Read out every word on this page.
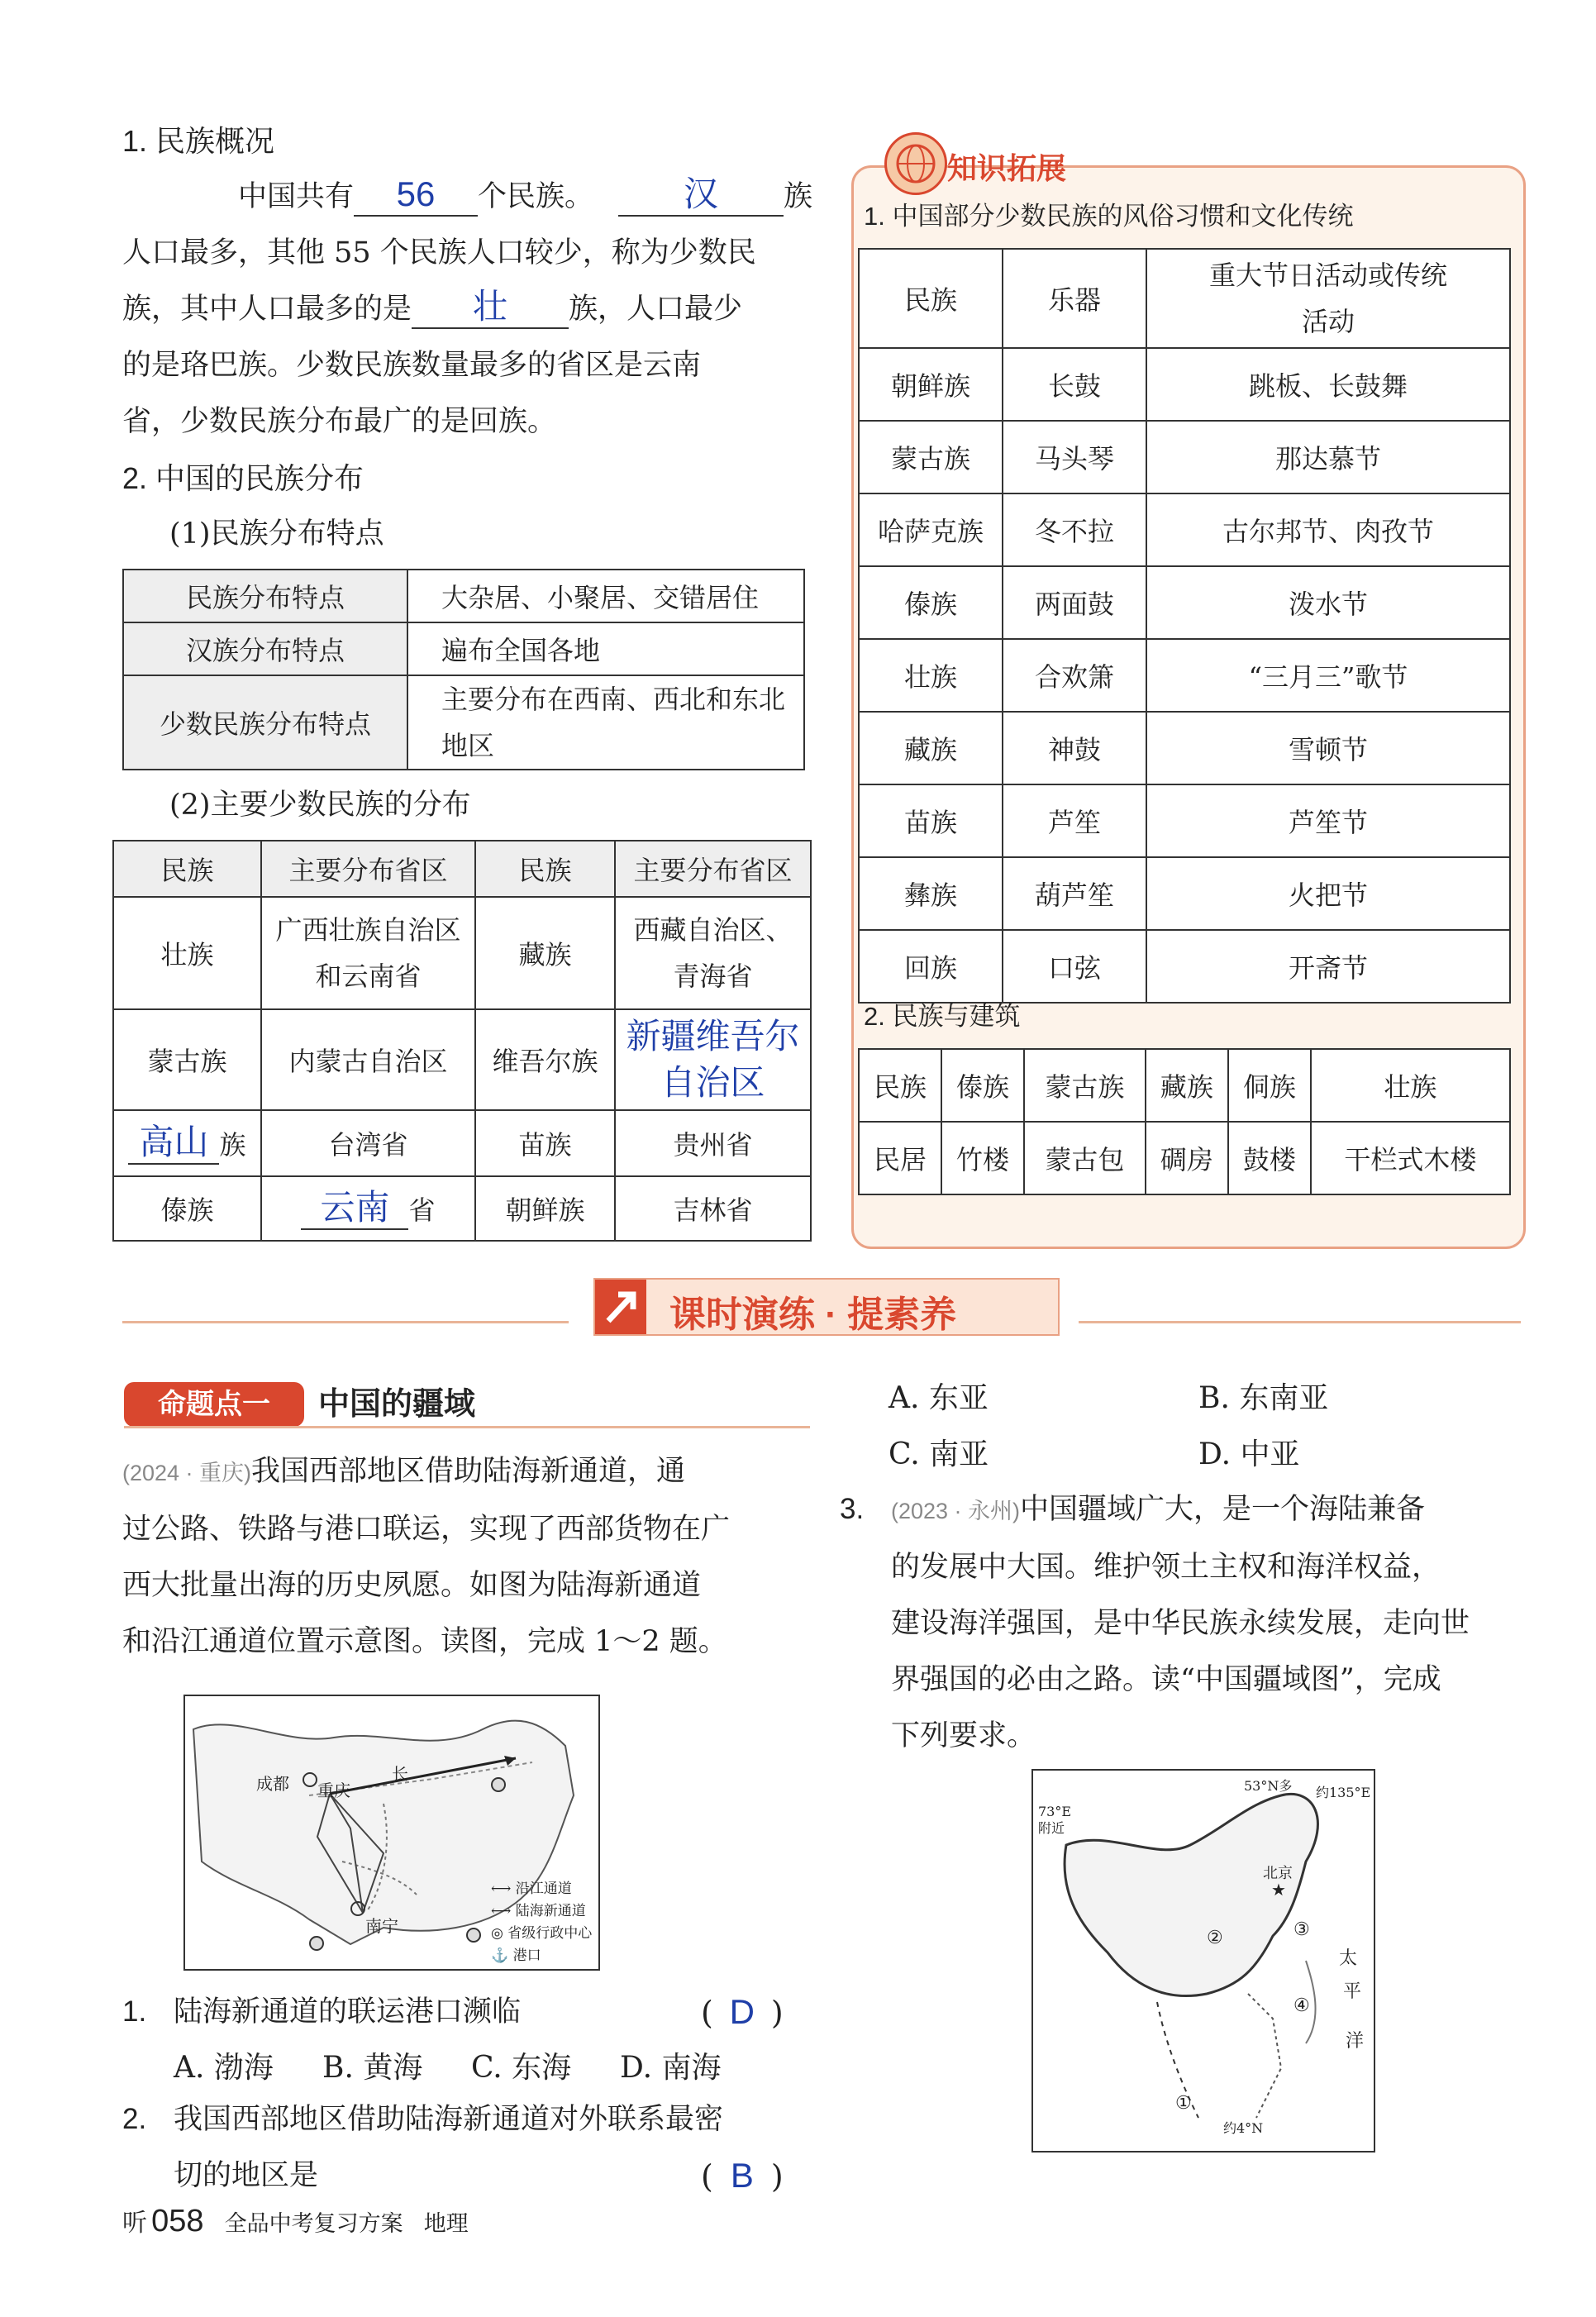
1. 民族概况
中国共有 56 个民族。	汉 族
人口最多，其他 55 个民族人口较少，称为少数民
族，其中人口最多的是 壮 族，人口最少
的是珞巴族。少数民族数量最多的省区是云南
省，少数民族分布最广的是回族。
2. 中国的民族分布
(1)民族分布特点
民族分布特点	大杂居、小聚居、交错居住
汉族分布特点	遍布全国各地
少数民族分布特点	主要分布在西南、西北和东北地区
(2)主要少数民族的分布
民族	主要分布省区	民族	主要分布省区
壮族	广西壮族自治区和云南省	藏族	西藏自治区、青海省
蒙古族	内蒙古自治区	维吾尔族	新疆维吾尔自治区
高山 族	台湾省	苗族	贵州省
傣族	云南 省	朝鲜族	吉林省
知识拓展
1. 中国部分少数民族的风俗习惯和文化传统
民族	乐器	重大节日活动或传统活动
朝鲜族	长鼓	跳板、长鼓舞
蒙古族	马头琴	那达慕节
哈萨克族	冬不拉	古尔邦节、肉孜节
傣族	两面鼓	泼水节
壮族	合欢箫	“三月三”歌节
藏族	神鼓	雪顿节
苗族	芦笙	芦笙节
彝族	葫芦笙	火把节
回族	口弦	开斋节
2. 民族与建筑
民族	傣族	蒙古族	藏族	侗族	壮族
民居	竹楼	蒙古包	碉房	鼓楼	干栏式木楼
课时演练 · 提素养
命题点一	中国的疆域
(2024 · 重庆)我国西部地区借助陆海新通道，通
过公路、铁路与港口联运，实现了西部货物在广
西大批量出海的历史夙愿。如图为陆海新通道
和沿江通道位置示意图。读图，完成 1～2 题。
成都 重庆
南宁
长
⟷ 沿江通道
⟷ 陆海新通道
◎ 省级行政中心
⚓ 港口
1. 陆海新通道的联运港口濒临	( D )
A. 渤海 B. 黄海 C. 东海 D. 南海
2. 我国西部地区借助陆海新通道对外联系最密
切的地区是	( B )
A. 东亚	B. 东南亚
C. 南亚	D. 中亚
3. (2023 · 永州)中国疆域广大，是一个海陆兼备
的发展中大国。维护领土主权和海洋权益，
建设海洋强国，是中华民族永续发展，走向世
界强国的必由之路。读“中国疆域图”，完成
下列要求。
53°N多 约135°E
73°E附近
北京
★
太
平
洋
约4°N
②
①
③
④
听 058 全品中考复习方案 地理
